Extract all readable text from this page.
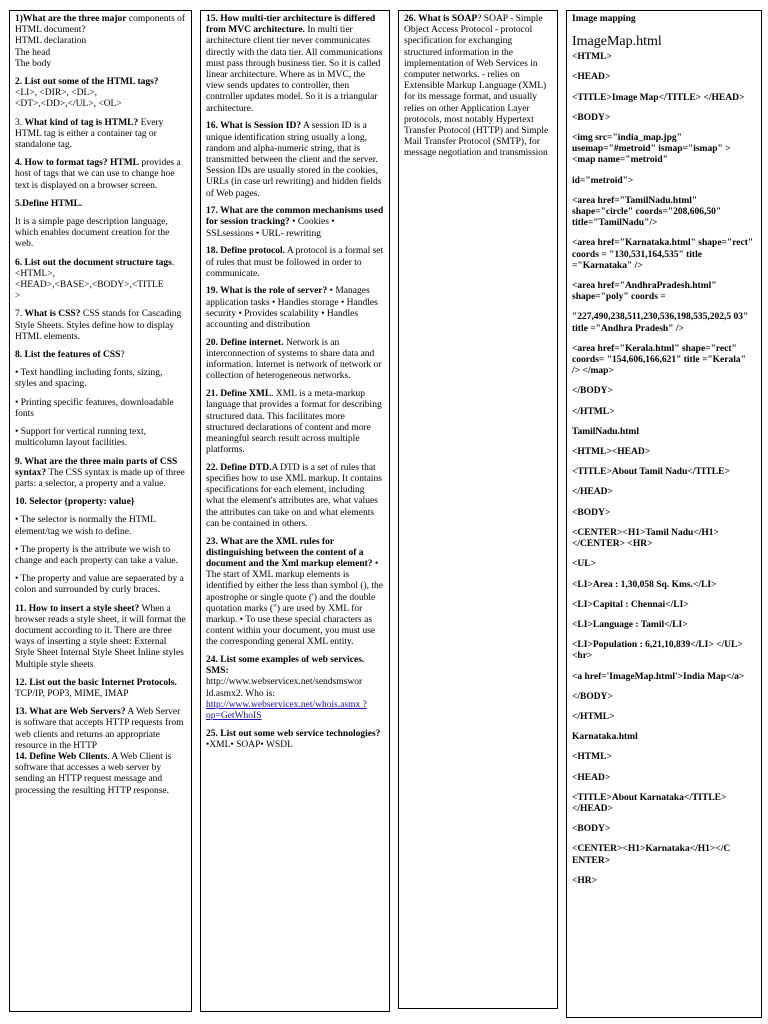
1)What are the three major components of HTML document?
HTML declaration
The head
The body

2. List out some of the HTML tags?
<LI>, <DIR>, <DL>,
<DT>,<DD>,</UL>, <OL>

3. What kind of tag is HTML? Every HTML tag is either a container tag or standalone tag.

4. How to format tags? HTML provides a host of tags that we can use to change hoe text is displayed on a browser screen.

5.Define HTML.

It is a simple page description language, which enables document creation for the web.

6. List out the document structure tags.<HTML>,
<HEAD>,<BASE>,<BODY>,<TITLE
>

7. What is CSS? CSS stands for Cascading Style Sheets. Styles define how to display HTML elements.

8. List the features of CSS?

• Text handling including fonts, sizing, styles and spacing.

• Printing specific features, downloadable fonts

• Support for vertical running text, multicolumn layout facilities.

9. What are the three main parts of CSS syntax? The CSS syntax is made up of three parts: a selector, a property and a value.

10. Selector {property: value}

• The selector is normally the HTML element/tag we wish to define.

• The property is the attribute we wish to change and each property can take a value.

• The property and value are sepaerated by a colon and surrounded by curly braces.

11. How to insert a style sheet? When a browser reads a style sheet, it will format the document according to it. There are three ways of inserting a style sheet: External Style Sheet Internal Style Sheet Inline styles Multiple style sheets

12. List out the basic Internet Protocols. TCP/IP, POP3, MIME, IMAP

13. What are Web Servers? A Web Server is software that accepts HTTP requests from web clients and returns an appropriate resource in the HTTP
14. Define Web Clients. A Web Client is software that accesses a web server by sending an HTTP request message and processing the resulting HTTP response.

15. How multi-tier architecture is differed from MVC architecture. In multi tier architecture client tier never communicates directly with the data tier. All communications must pass through business tier. So it is called linear architecture. Where as in MVC, the view sends updates to controller, then controller updates model. So it is a triangular architecture.

16. What is Session ID? A session ID is a unique identification string usually a long, random and alpha-numeric string, that is transmitted between the client and the server. Session IDs are usually stored in the cookies, URLs (in case url rewriting) and hidden fields of Web pages.

17. What are the common mechanisms used for session tracking? • Cookies • SSLsessions • URL- rewriting

18. Define protocol. A protocol is a formal set of rules that must be followed in order to communicate.

19. What is the role of server? • Manages application tasks • Handles storage • Handles security • Provides scalability • Handles accounting and distribution

20. Define internet. Network is an interconnection of systems to share data and information. Internet is network of network or collection of heterogeneous networks.

21. Define XML. XML is a meta-markup language that provides a format for describing structured data. This facilitates more structured declarations of content and more meaningful search result across multiple platforms.

22. Define DTD.A DTD is a set of rules that specifies how to use XML markup. It contains specifications for each element, including what the element's attributes are, what values the attributes can take on and what elements can be contained in others.

23. What are the XML rules for distinguishing between the content of a document and the Xml markup element? • The start of XML markup elements is identified by either the less than symbol (), the apostrophe or single quote (') and the double quotation marks (") are used by XML for markup. • To use these special characters as content within your document, you must use the corresponding general XML entity.

24. List some examples of web services. SMS:
http://www.webservicex.net/sendsmswor ld.asmx2. Who is:
http://www.webservicex.net/whois.asmx ?op=GetWhoIS

25. List out some web service technologies? •XML• SOAP• WSDL

26. What is SOAP? SOAP - Simple Object Access Protocol - protocol specification for exchanging structured information in the implementation of Web Services in computer networks. - relies on Extensible Markup Language (XML) for its message format, and usually relies on other Application Layer protocols, most notably Hypertext Transfer Protocol (HTTP) and Simple Mail Transfer Protocol (SMTP), for message negotiation and transmission

Image mapping

ImageMap.html

<HTML>

<HEAD>

<TITLE>Image Map</TITLE> </HEAD>

<BODY>

<img src="india_map.jpg" usemap="#metroid" ismap="ismap" > <map name="metroid"

id="metroid">

<area href="TamilNadu.html" shape="circle" coords="208,606,50" title="TamilNadu"/>

<area href="Karnataka.html" shape="rect" coords = "130,531,164,535" title ="Karnataka" />

<area href="AndhraPradesh.html" shape="poly" coords =

"227,490,238,511,230,536,198,535,202,5 03" title ="Andhra Pradesh" />

<area href="Kerala.html" shape="rect" coords= "154,606,166,621" title ="Kerala" /> </map>

</BODY>

</HTML>

TamilNadu.html

<HTML><HEAD>

<TITLE>About Tamil Nadu</TITLE>

</HEAD>

<BODY>

<CENTER><H1>Tamil Nadu</H1></CENTER> <HR>

<UL>

<LI>Area : 1,30,058 Sq. Kms.</LI>

<LI>Capital : Chennai</LI>

<LI>Language : Tamil</LI>

<LI>Population : 6,21,10,839</LI> </UL><hr>

<a href='ImageMap.html'>India Map</a>

</BODY>

</HTML>

Karnataka.html

<HTML>

<HEAD>

<TITLE>About Karnataka</TITLE> </HEAD>

<BODY>

<CENTER><H1>Karnataka</H1></C ENTER>

<HR>
